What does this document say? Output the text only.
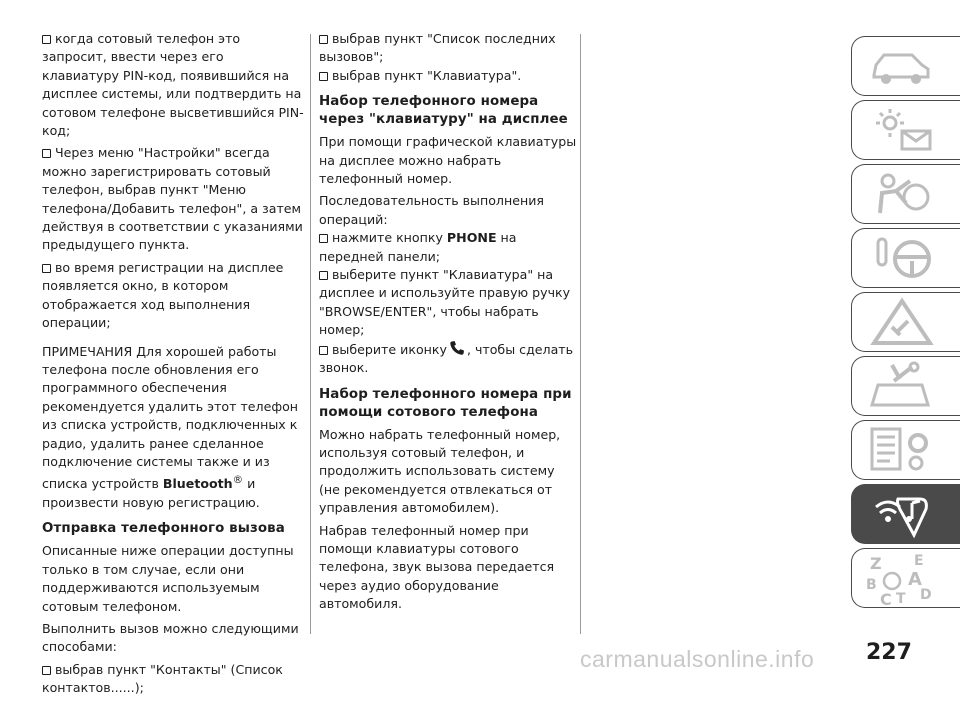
когда сотовый телефон это запросит, ввести через его клавиатуру PIN-код, появившийся на дисплее системы, или подтвердить на сотовом телефоне высветившийся PIN-код;

Через меню "Настройки" всегда можно зарегистрировать сотовый телефон, выбрав пункт "Меню телефона/Добавить телефон", а затем действуя в соответствии с указаниями предыдущего пункта.

во время регистрации на дисплее появляется окно, в котором отображается ход выполнения операции;

ПРИМЕЧАНИЯ Для хорошей работы телефона после обновления его программного обеспечения рекомендуется удалить этот телефон из списка устройств, подключенных к радио, удалить ранее сделанное подключение системы также и из списка устройств Bluetooth® и произвести новую регистрацию.

Отправка телефонного вызова

Описанные ниже операции доступны только в том случае, если они поддерживаются используемым сотовым телефоном.

Выполнить вызов можно следующими способами:

выбрав пункт "Контакты" (Список контактов......);

выбрав пункт "Список последних вызовов";

выбрав пункт "Клавиатура".

Набор телефонного номера через "клавиатуру" на дисплее

При помощи графической клавиатуры на дисплее можно набрать телефонный номер.

Последовательность выполнения операций:

нажмите кнопку PHONE на передней панели;

выберите пункт "Клавиатура" на дисплее и используйте правую ручку "BROWSE/ENTER", чтобы набрать номер;

выберите иконку , чтобы сделать звонок.

Набор телефонного номера при помощи сотового телефона

Можно набрать телефонный номер, используя сотовый телефон, и продолжить использовать систему (не рекомендуется отвлекаться от управления автомобилем).

Набрав телефонный номер при помощи клавиатуры сотового телефона, звук вызова передается через аудио оборудование автомобиля.

Z E
A
B
C D
T
227
carmanualsonline.info
